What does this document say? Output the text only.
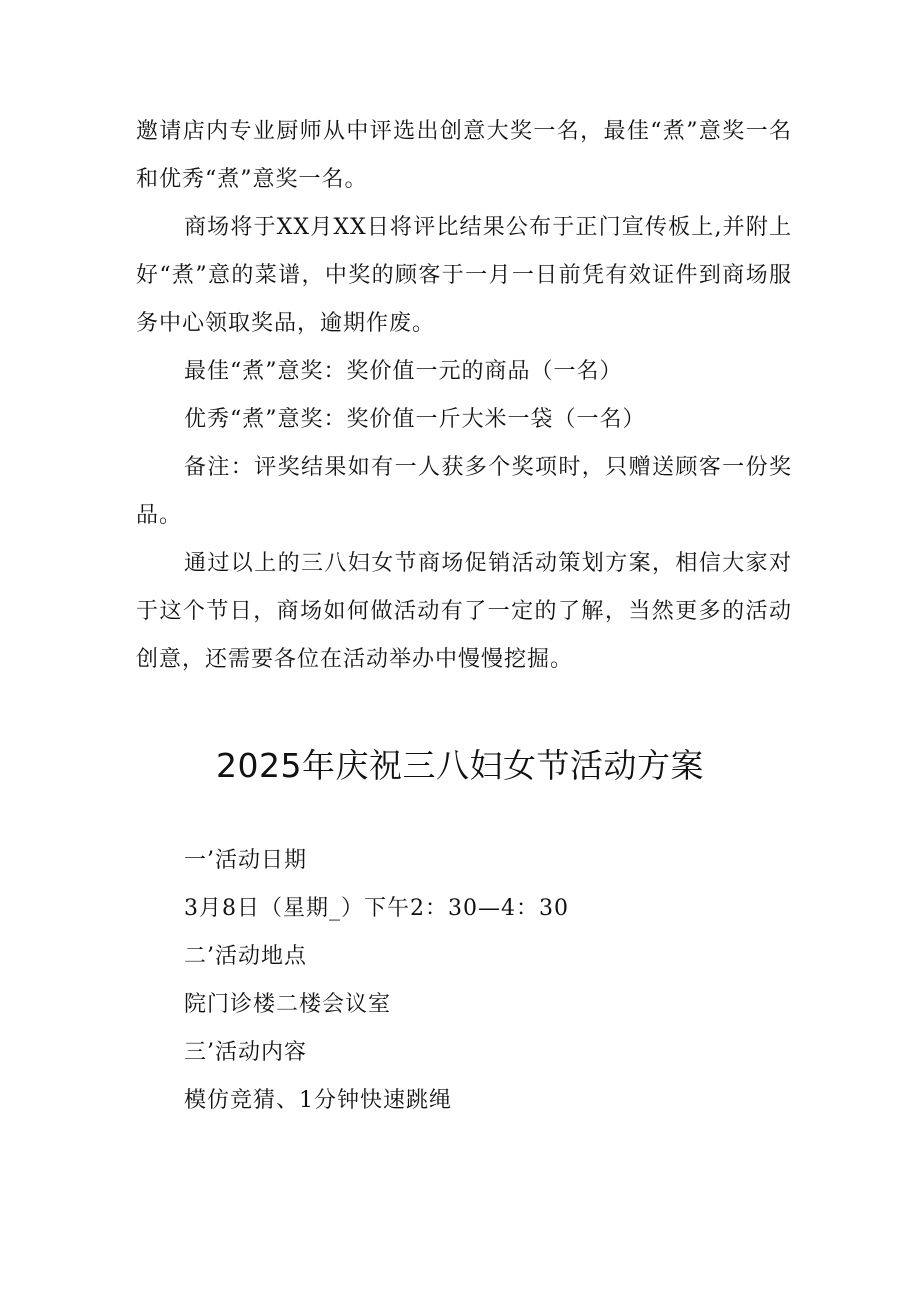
邀请店内专业厨师从中评选出创意大奖一名，最佳“煮”意奖一名和优秀“煮”意奖一名。

商场将于XX月XX日将评比结果公布于正门宣传板上,并附上好“煮”意的菜谱，中奖的顾客于一月一日前凭有效证件到商场服务中心领取奖品，逾期作废。

最佳“煮”意奖：奖价值一元的商品（一名）

优秀“煮”意奖：奖价值一斤大米一袋（一名）

备注：评奖结果如有一人获多个奖项时，只赠送顾客一份奖品。

通过以上的三八妇女节商场促销活动策划方案，相信大家对于这个节日，商场如何做活动有了一定的了解，当然更多的活动创意，还需要各位在活动举办中慢慢挖掘。

2025年庆祝三八妇女节活动方案

一’活动日期

3月8日（星期_）下午2：30—4：30

二’活动地点

院门诊楼二楼会议室

三’活动内容

模仿竞猜、1分钟快速跳绳
